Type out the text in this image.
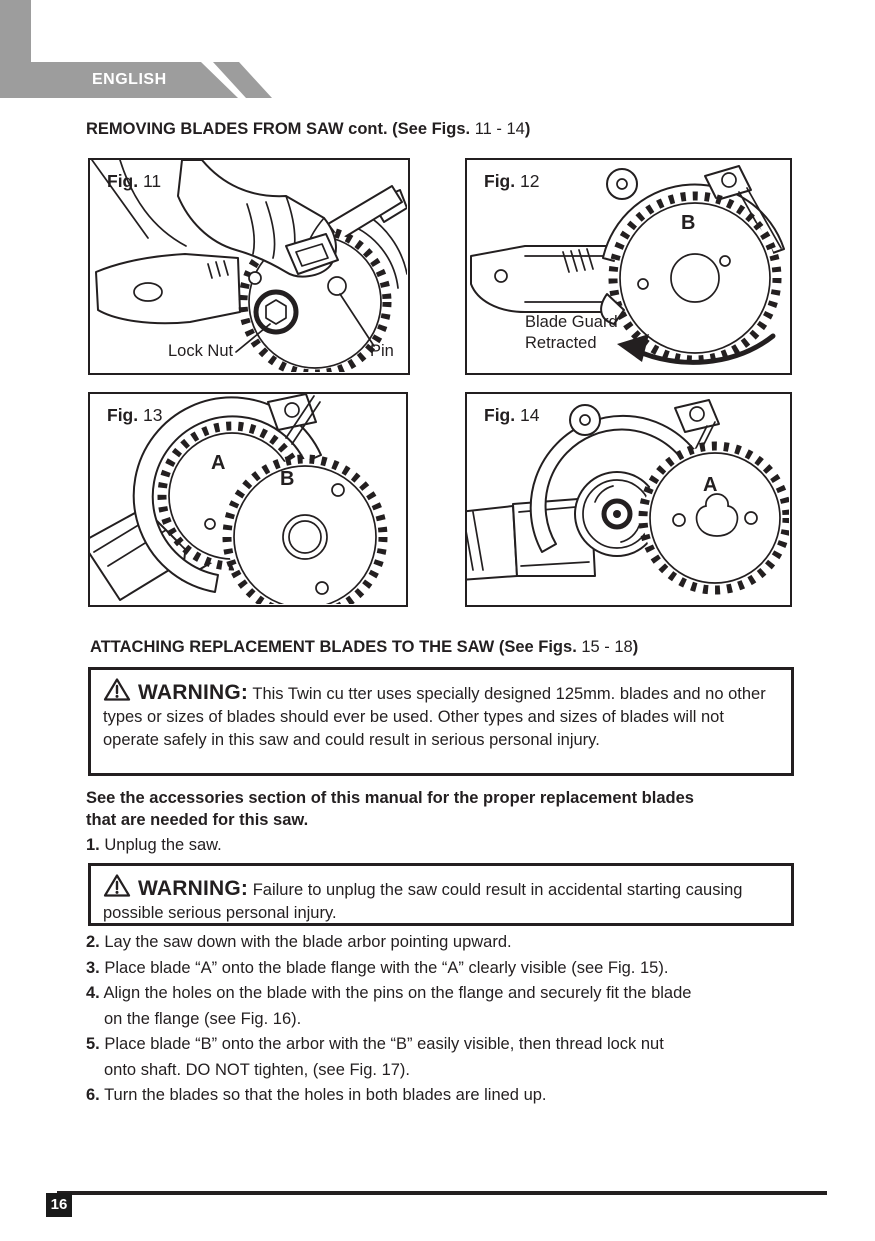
ENGLISH
REMOVING BLADES FROM SAW cont. (See Figs. 11 - 14)
Fig. 11
Lock Nut	Pin
Fig. 12
B
Blade Guard
Retracted
Fig. 13
A
B
Fig. 14
A
ATTACHING REPLACEMENT BLADES TO THE SAW (See Figs. 15 - 18)
WARNING: This Twin cu tter uses specially designed 125mm. blades and no other types or sizes of blades should ever be used. Other types and sizes of blades will not operate safely in this saw and could result in serious personal injury.
See the accessories section of this manual for the proper replacement blades
that are needed for this saw.
1. Unplug the saw.
WARNING: Failure to unplug the saw could result in accidental starting causing possible serious personal injury.
2. Lay the saw down with the blade arbor pointing upward.
3. Place blade “A” onto the blade flange with the “A” clearly visible (see Fig. 15).
4. Align the holes on the blade with the pins on the flange and securely fit the blade
on the flange (see Fig. 16).
5. Place blade “B” onto the arbor with the “B” easily visible, then thread lock nut
onto shaft. DO NOT tighten, (see Fig. 17).
6. Turn the blades so that the holes in both blades are lined up.
16
